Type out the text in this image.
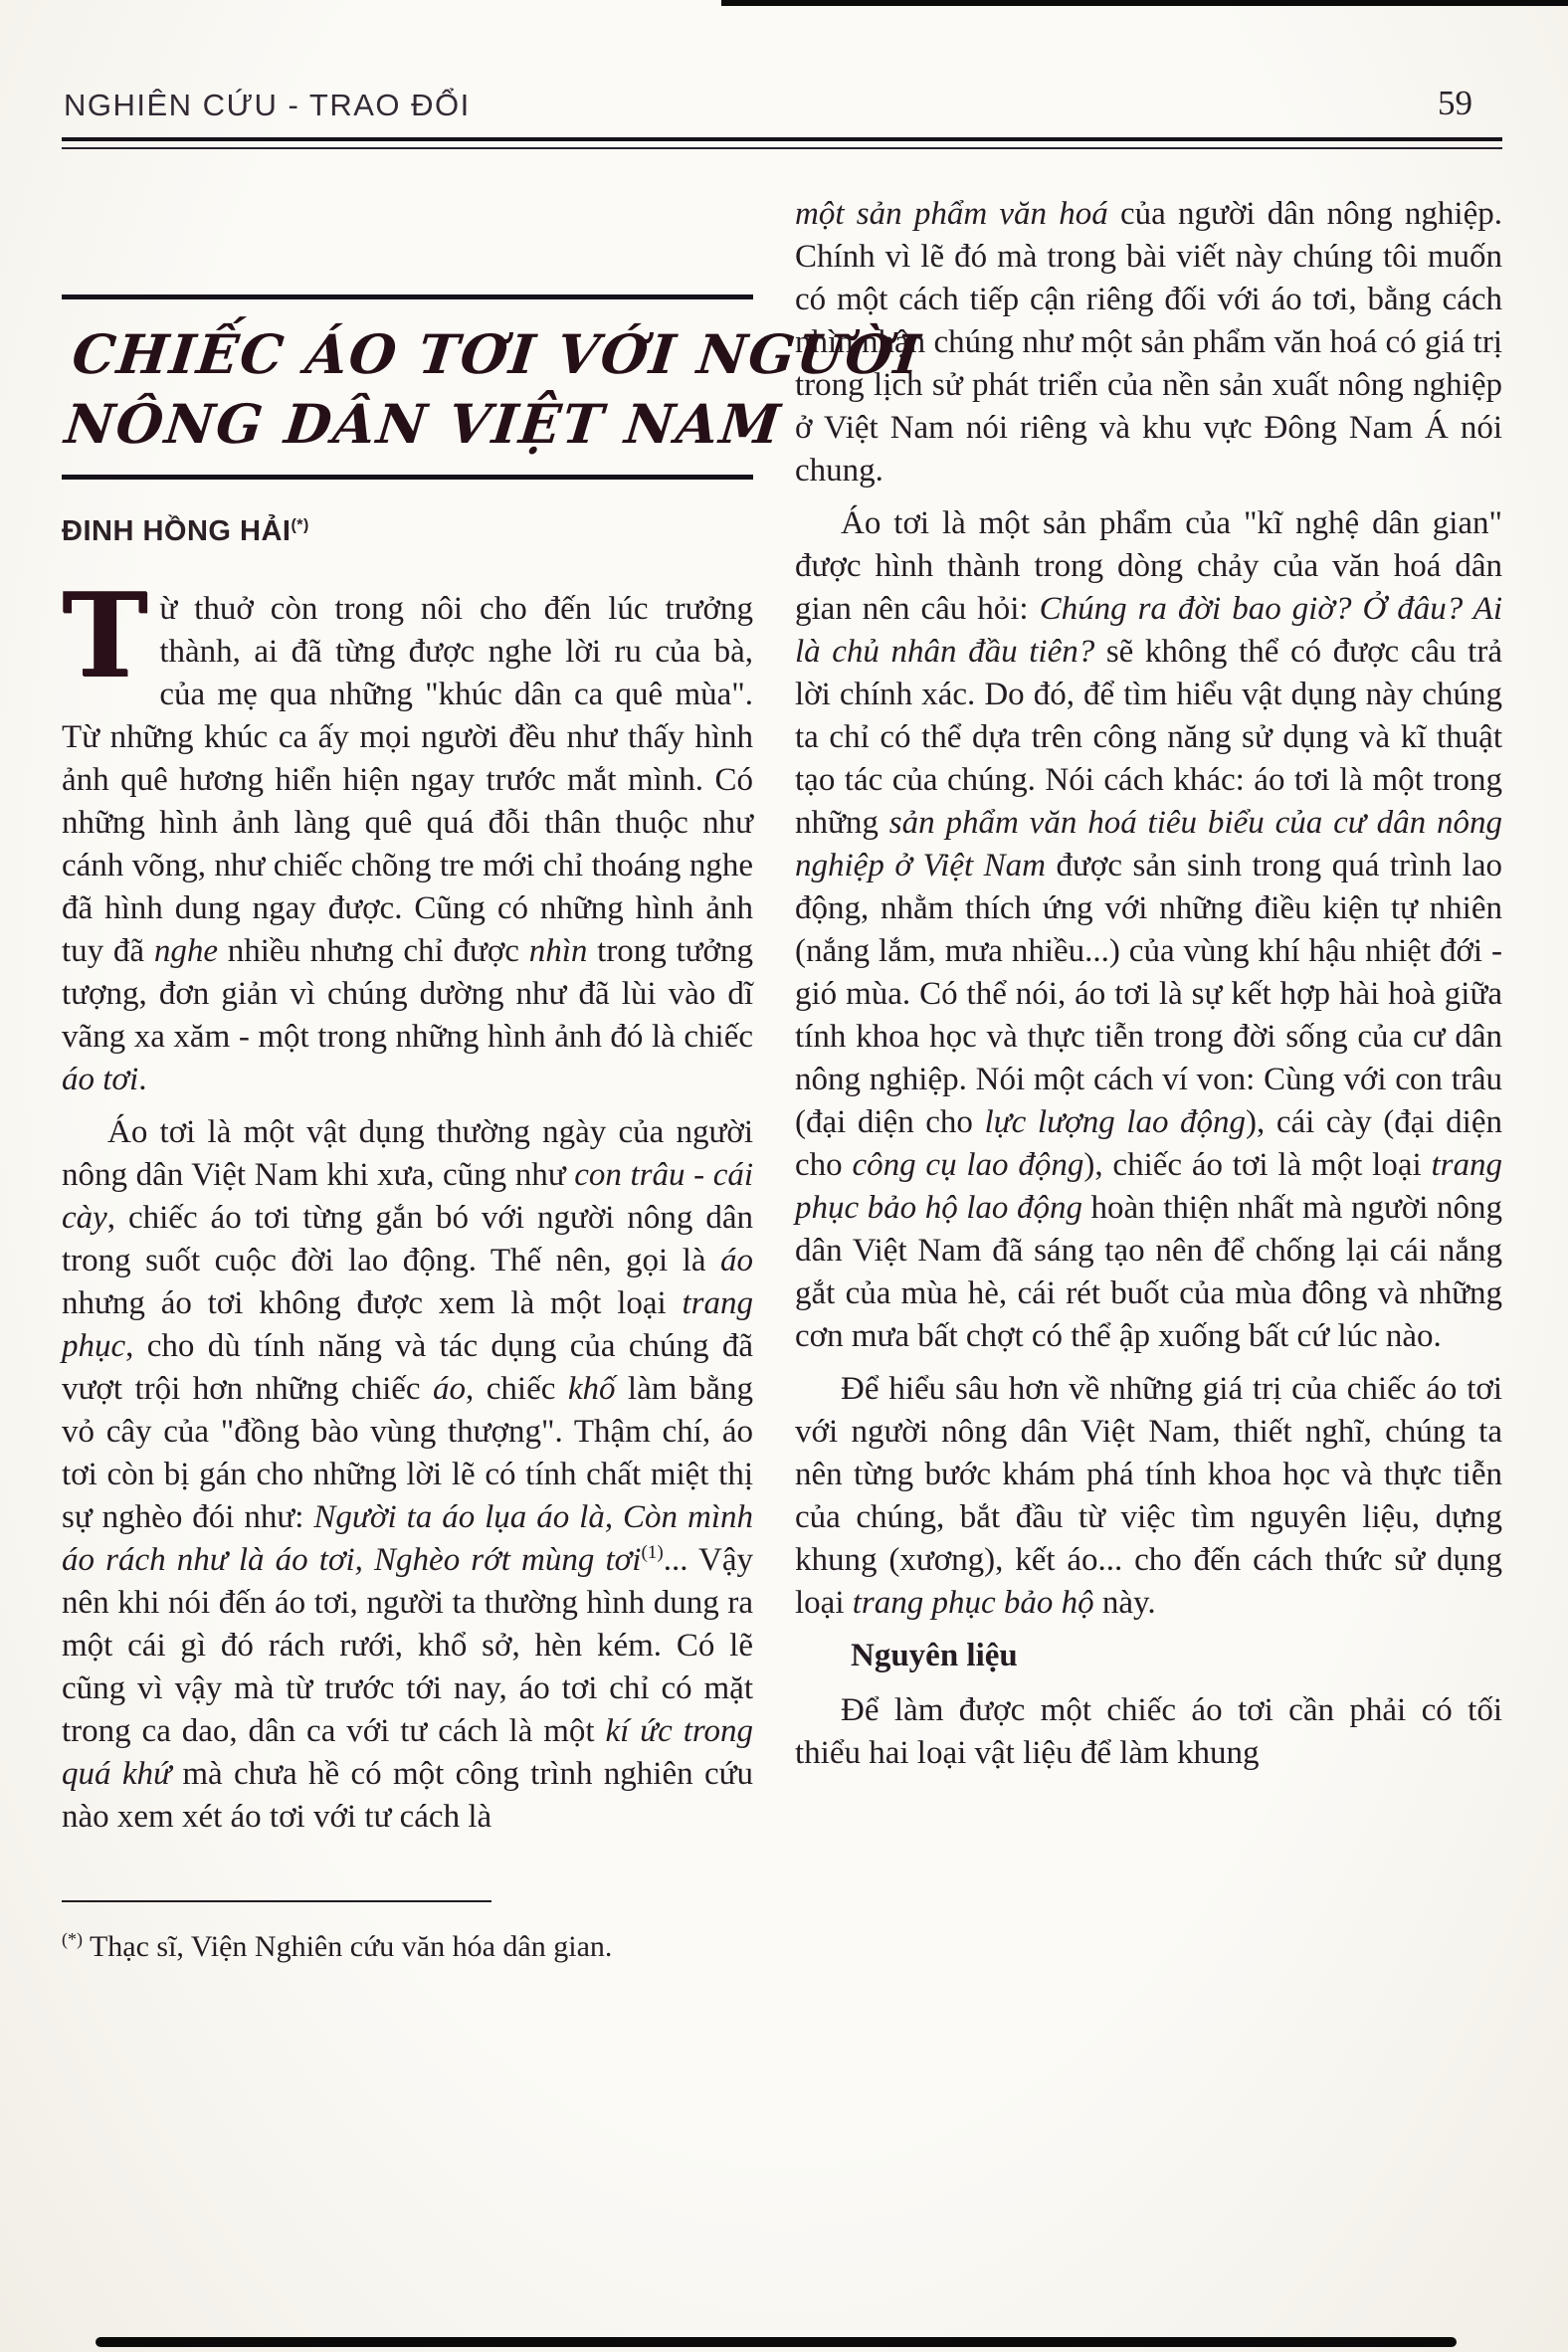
NGHIÊN CỨU - TRAO ĐỔI	59
CHIẾC ÁO TƠI VỚI NGƯỜI
NÔNG DÂN VIỆT NAM
ĐINH HỒNG HẢI(*)

Từ thuở còn trong nôi cho đến lúc trưởng thành, ai đã từng được nghe lời ru của bà, của mẹ qua những "khúc dân ca quê mùa". Từ những khúc ca ấy mọi người đều như thấy hình ảnh quê hương hiển hiện ngay trước mắt mình. Có những hình ảnh làng quê quá đỗi thân thuộc như cánh võng, như chiếc chõng tre mới chỉ thoáng nghe đã hình dung ngay được. Cũng có những hình ảnh tuy đã nghe nhiều nhưng chỉ được nhìn trong tưởng tượng, đơn giản vì chúng dường như đã lùi vào dĩ vãng xa xăm - một trong những hình ảnh đó là chiếc áo tơi.

Áo tơi là một vật dụng thường ngày của người nông dân Việt Nam khi xưa, cũng như con trâu - cái cày, chiếc áo tơi từng gắn bó với người nông dân trong suốt cuộc đời lao động. Thế nên, gọi là áo nhưng áo tơi không được xem là một loại trang phục, cho dù tính năng và tác dụng của chúng đã vượt trội hơn những chiếc áo, chiếc khố làm bằng vỏ cây của "đồng bào vùng thượng". Thậm chí, áo tơi còn bị gán cho những lời lẽ có tính chất miệt thị sự nghèo đói như: Người ta áo lụa áo là, Còn mình áo rách như là áo tơi, Nghèo rớt mùng tơi$^{(1)}$... Vậy nên khi nói đến áo tơi, người ta thường hình dung ra một cái gì đó rách rưới, khổ sở, hèn kém. Có lẽ cũng vì vậy mà từ trước tới nay, áo tơi chỉ có mặt trong ca dao, dân ca với tư cách là một kí ức trong quá khứ mà chưa hề có một công trình nghiên cứu nào xem xét áo tơi với tư cách là

(*) Thạc sĩ, Viện Nghiên cứu văn hóa dân gian.

một sản phẩm văn hoá của người dân nông nghiệp. Chính vì lẽ đó mà trong bài viết này chúng tôi muốn có một cách tiếp cận riêng đối với áo tơi, bằng cách nhìn nhận chúng như một sản phẩm văn hoá có giá trị trong lịch sử phát triển của nền sản xuất nông nghiệp ở Việt Nam nói riêng và khu vực Đông Nam Á nói chung.

Áo tơi là một sản phẩm của "kĩ nghệ dân gian" được hình thành trong dòng chảy của văn hoá dân gian nên câu hỏi: Chúng ra đời bao giờ? Ở đâu? Ai là chủ nhân đầu tiên? sẽ không thể có được câu trả lời chính xác. Do đó, để tìm hiểu vật dụng này chúng ta chỉ có thể dựa trên công năng sử dụng và kĩ thuật tạo tác của chúng. Nói cách khác: áo tơi là một trong những sản phẩm văn hoá tiêu biểu của cư dân nông nghiệp ở Việt Nam được sản sinh trong quá trình lao động, nhằm thích ứng với những điều kiện tự nhiên (nắng lắm, mưa nhiều...) của vùng khí hậu nhiệt đới - gió mùa. Có thể nói, áo tơi là sự kết hợp hài hoà giữa tính khoa học và thực tiễn trong đời sống của cư dân nông nghiệp. Nói một cách ví von: Cùng với con trâu (đại diện cho lực lượng lao động), cái cày (đại diện cho công cụ lao động), chiếc áo tơi là một loại trang phục bảo hộ lao động hoàn thiện nhất mà người nông dân Việt Nam đã sáng tạo nên để chống lại cái nắng gắt của mùa hè, cái rét buốt của mùa đông và những cơn mưa bất chợt có thể ập xuống bất cứ lúc nào.

Để hiểu sâu hơn về những giá trị của chiếc áo tơi với người nông dân Việt Nam, thiết nghĩ, chúng ta nên từng bước khám phá tính khoa học và thực tiễn của chúng, bắt đầu từ việc tìm nguyên liệu, dựng khung (xương), kết áo... cho đến cách thức sử dụng loại trang phục bảo hộ này.

Nguyên liệu

Để làm được một chiếc áo tơi cần phải có tối thiểu hai loại vật liệu để làm khung
